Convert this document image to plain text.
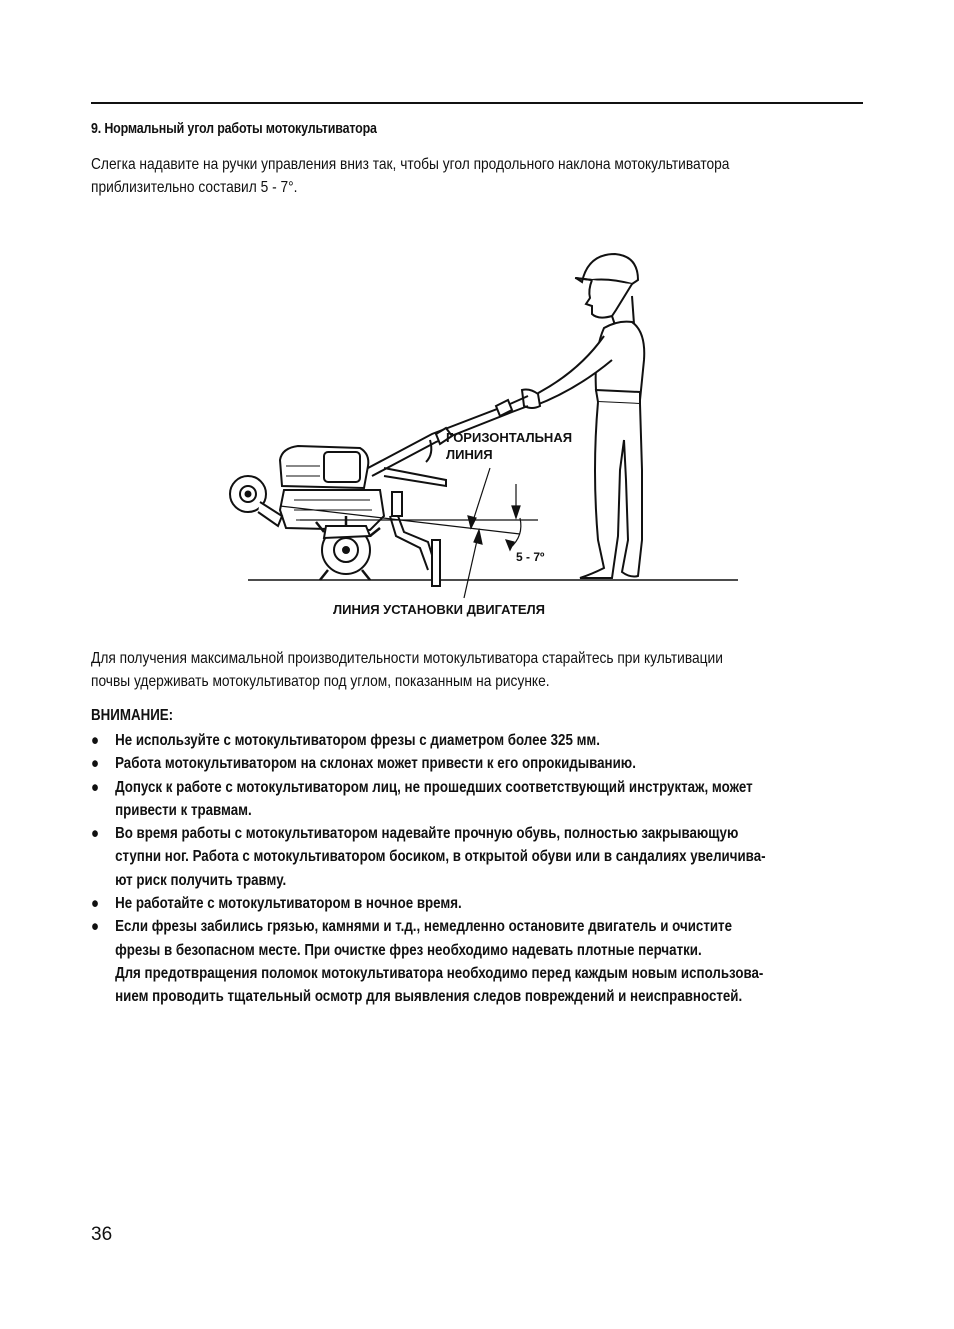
9. Нормальный угол работы мотокультиватора
Слегка надавите на ручки управления вниз так, чтобы угол продольного наклона мотокультиватора
приблизительно составил 5 - 7°.
ГОРИЗОНТАЛЬНАЯ
ЛИНИЯ
5 - 7º
ЛИНИЯ УСТАНОВКИ ДВИГАТЕЛЯ
Для получения максимальной производительности мотокультиватора старайтесь при культивации
почвы удерживать мотокультиватор под углом, показанным на рисунке.
ВНИМАНИЕ:
● Не используйте с мотокультиватором фрезы с диаметром более 325 мм.
● Работа мотокультиватором на склонах может привести к его опрокидыванию.
● Допуск к работе с мотокультиватором лиц, не прошедших соответствующий инструктаж, может
привести к травмам.
● Во время работы с мотокультиватором надевайте прочную обувь, полностью закрывающую
ступни ног. Работа с мотокультиватором босиком, в открытой обуви или в сандалиях увеличива-
ют риск получить травму.
● Не работайте с мотокультиватором в ночное время.
● Если фрезы забились грязью, камнями и т.д., немедленно остановите двигатель и очистите
фрезы в безопасном месте. При очистке фрез необходимо надевать плотные перчатки.
Для предотвращения поломок мотокультиватора необходимо перед каждым новым использова-
нием проводить тщательный осмотр для выявления следов повреждений и неисправностей.
36
